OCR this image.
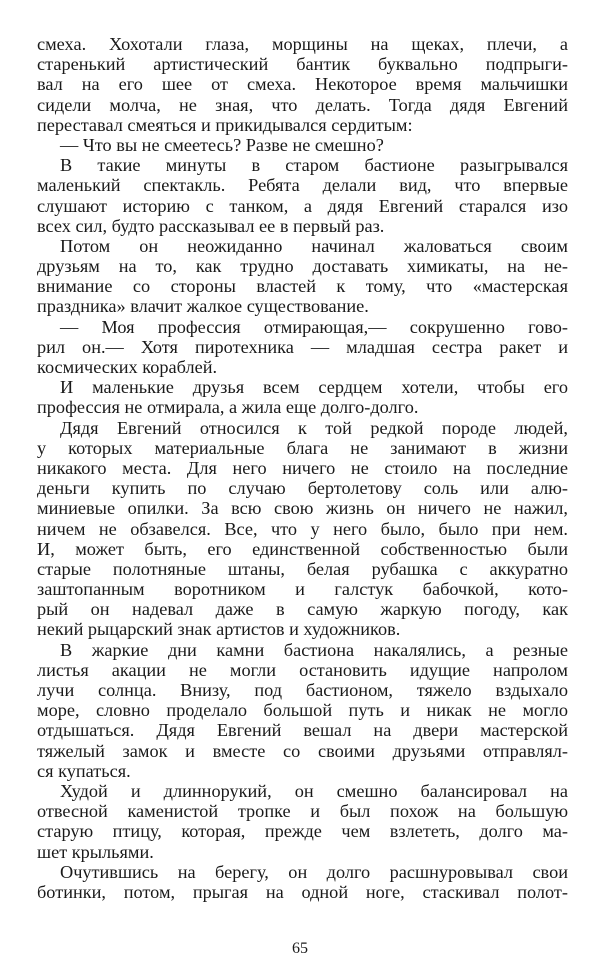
смеха. Хохотали глаза, морщины на щеках, плечи, а
старенький артистический бантик буквально подпрыги-
вал на его шее от смеха. Некоторое время мальчишки
сидели молча, не зная, что делать. Тогда дядя Евгений
переставал смеяться и прикидывался сердитым:
— Что вы не смеетесь? Разве не смешно?
В такие минуты в старом бастионе разыгрывался
маленький спектакль. Ребята делали вид, что впервые
слушают историю с танком, а дядя Евгений старался изо
всех сил, будто рассказывал ее в первый раз.
Потом он неожиданно начинал жаловаться своим
друзьям на то, как трудно доставать химикаты, на не-
внимание со стороны властей к тому, что «мастерская
праздника» влачит жалкое существование.
— Моя профессия отмирающая,— сокрушенно гово-
рил он.— Хотя пиротехника — младшая сестра ракет и
космических кораблей.
И маленькие друзья всем сердцем хотели, чтобы его
профессия не отмирала, а жила еще долго-долго.
Дядя Евгений относился к той редкой породе людей,
у которых материальные блага не занимают в жизни
никакого места. Для него ничего не стоило на последние
деньги купить по случаю бертолетову соль или алю-
миниевые опилки. За всю свою жизнь он ничего не нажил,
ничем не обзавелся. Все, что у него было, было при нем.
И, может быть, его единственной собственностью были
старые полотняные штаны, белая рубашка с аккуратно
заштопанным воротником и галстук бабочкой, кото-
рый он надевал даже в самую жаркую погоду, как
некий рыцарский знак артистов и художников.
В жаркие дни камни бастиона накалялись, а резные
листья акации не могли остановить идущие напролом
лучи солнца. Внизу, под бастионом, тяжело вздыхало
море, словно проделало большой путь и никак не могло
отдышаться. Дядя Евгений вешал на двери мастерской
тяжелый замок и вместе со своими друзьями отправлял-
ся купаться.
Худой и длиннорукий, он смешно балансировал на
отвесной каменистой тропке и был похож на большую
старую птицу, которая, прежде чем взлететь, долго ма-
шет крыльями.
Очутившись на берегу, он долго расшнуровывал свои
ботинки, потом, прыгая на одной ноге, стаскивал полот-
65
